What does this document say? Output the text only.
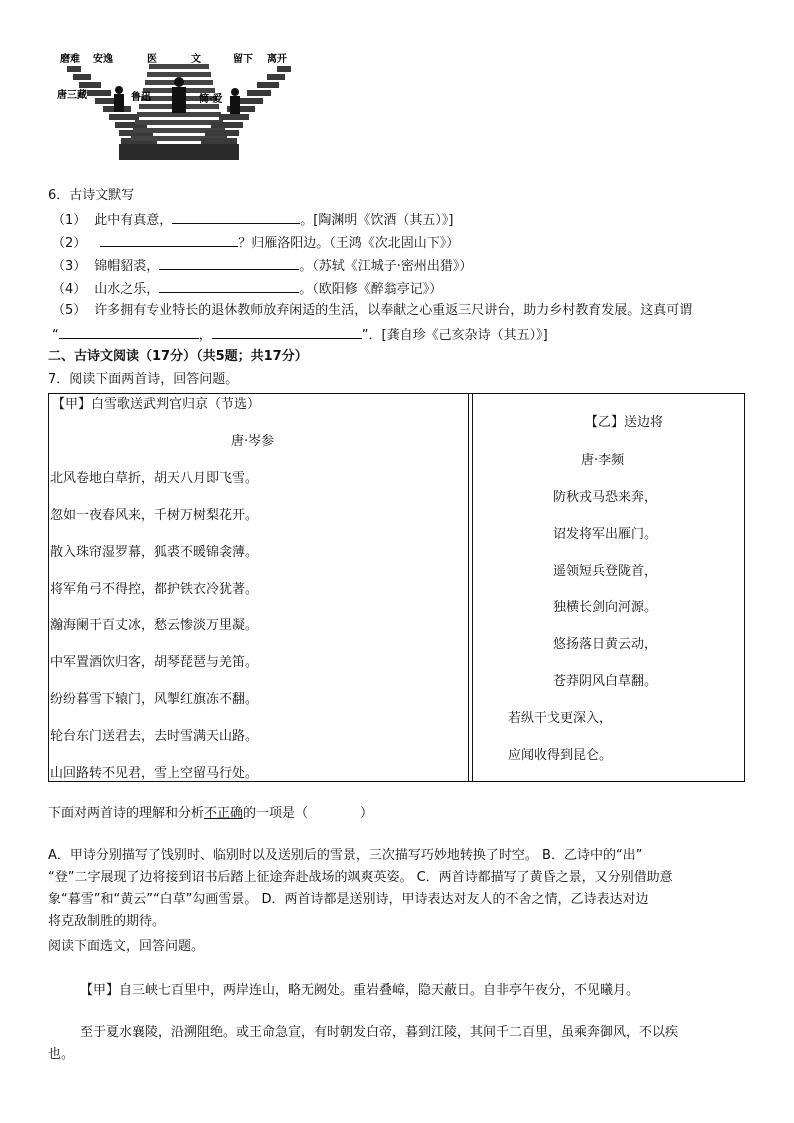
磨难 安逸	医	文	留下 离开
唐三藏	鲁迅	简·爱
6．古诗文默写
（1） 此中有真意，	。[陶渊明《饮酒（其五）》]
（2）	？归雁洛阳边。（王鸿《次北固山下》）
（3） 锦帽貂裘，	。（苏轼《江城子·密州出猎》）
（4） 山水之乐，	。（欧阳修《醉翁亭记》）
（5） 许多拥有专业特长的退休教师放弃闲适的生活，以奉献之心重返三尺讲台，助力乡村教育发展。这真可谓
“	，	”．[龚自珍《己亥杂诗（其五）》]
二、古诗文阅读（17分）（共5题；共17分）
7．阅读下面两首诗，回答问题。
【甲】白雪歌送武判官归京（节选）
唐·岑参
北风卷地白草折，胡天八月即飞雪。
忽如一夜春风来，千树万树梨花开。
散入珠帘湿罗幕，狐裘不暖锦衾薄。
将军角弓不得控，都护铁衣冷犹著。
瀚海阑干百丈冰，愁云惨淡万里凝。
中军置酒饮归客，胡琴琵琶与羌笛。
纷纷暮雪下辕门，风掣红旗冻不翻。
轮台东门送君去，去时雪满天山路。
山回路转不见君，雪上空留马行处。
【乙】送边将
唐·李频
防秋戎马恐来奔，
诏发将军出雁门。
遥领短兵登陇首，
独横长剑向河源。
悠扬落日黄云动，
苍莽阴风白草翻。
若纵干戈更深入，
应闻收得到昆仑。
下面对两首诗的理解和分析不正确的一项是（　　　　）
A．甲诗分别描写了饯别时、临别时以及送别后的雪景，三次描写巧妙地转换了时空。 B．乙诗中的“出”
“登”二字展现了边将接到诏书后踏上征途奔赴战场的飒爽英姿。 C．两首诗都描写了黄昏之景，又分别借助意
象“暮雪”和“黄云”“白草”勾画雪景。 D．两首诗都是送别诗，甲诗表达对友人的不舍之情，乙诗表达对边
将克敌制胜的期待。
阅读下面选文，回答问题。
【甲】自三峡七百里中，两岸连山，略无阙处。重岩叠嶂，隐天蔽日。自非亭午夜分，不见曦月。
至于夏水襄陵，沿溯阻绝。或王命急宣，有时朝发白帝，暮到江陵，其间千二百里，虽乘奔御风，不以疾
也。
